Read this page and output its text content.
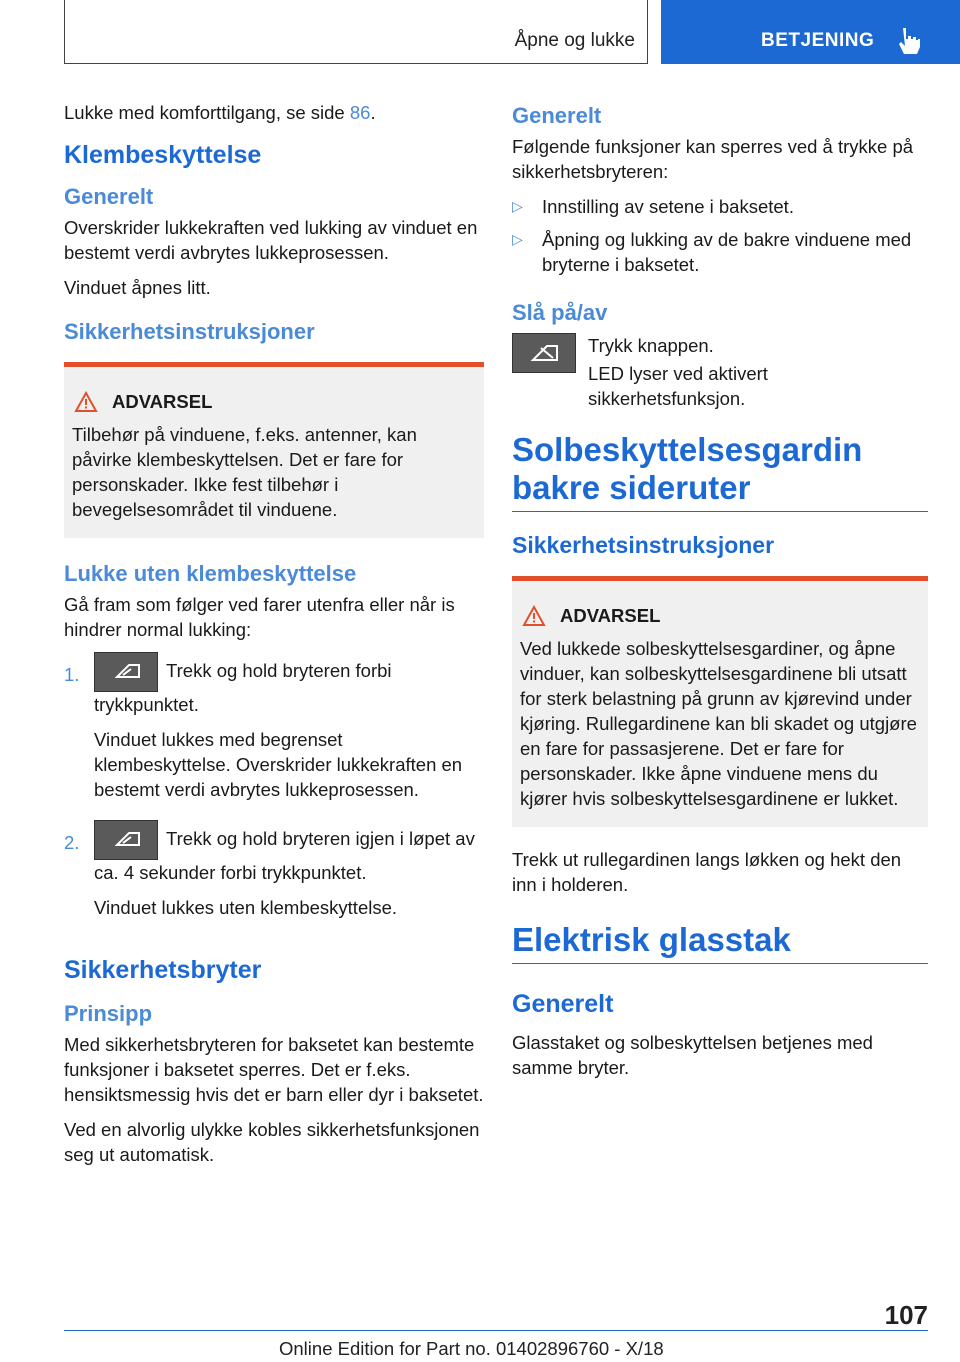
Åpne og lukke	BETJENING

Lukke med komforttilgang, se side 86.

Klembeskyttelse
Generelt

Overskrider lukkekraften ved lukking av vinduet en bestemt verdi avbrytes lukkeprosessen.

Vinduet åpnes litt.

Sikkerhetsinstruksjoner

ADVARSEL

Tilbehør på vinduene, f.eks. antenner, kan påvirke klembeskyttelsen. Det er fare for personskader. Ikke fest tilbehør i bevegelsesområdet til vinduene.

Lukke uten klembeskyttelse

Gå fram som følger ved farer utenfra eller når is hindrer normal lukking:

1.	Trekk og hold bryteren forbi trykkpunktet.

Vinduet lukkes med begrenset klembeskyttelse. Overskrider lukkekraften en bestemt verdi avbrytes lukkeprosessen.

2.	Trekk og hold bryteren igjen i løpet av ca. 4 sekunder forbi trykkpunktet.

Vinduet lukkes uten klembeskyttelse.

Sikkerhetsbryter
Prinsipp

Med sikkerhetsbryteren for baksetet kan bestemte funksjoner i baksetet sperres. Det er f.eks. hensiktsmessig hvis det er barn eller dyr i baksetet.

Ved en alvorlig ulykke kobles sikkerhetsfunksjonen seg ut automatisk.

Generelt

Følgende funksjoner kan sperres ved å trykke på sikkerhetsbryteren:

▷	Innstilling av setene i baksetet.

▷	Åpning og lukking av de bakre vinduene med bryterne i baksetet.

Slå på/av

Trykk knappen.

LED lyser ved aktivert sikkerhetsfunksjon.

Solbeskyttelsesgardin bakre sideruter
Sikkerhetsinstruksjoner

ADVARSEL

Ved lukkede solbeskyttelsesgardiner, og åpne vinduer, kan solbeskyttelsesgardinene bli utsatt for sterk belastning på grunn av kjørevind under kjøring. Rullegardinene kan bli skadet og utgjøre en fare for passasjerene. Det er fare for personskader. Ikke åpne vinduene mens du kjører hvis solbeskyttelsesgardinene er lukket.

Trekk ut rullegardinen langs løkken og hekt den inn i holderen.

Elektrisk glasstak
Generelt

Glasstaket og solbeskyttelsen betjenes med samme bryter.

107
Online Edition for Part no. 01402896760 - X/18
